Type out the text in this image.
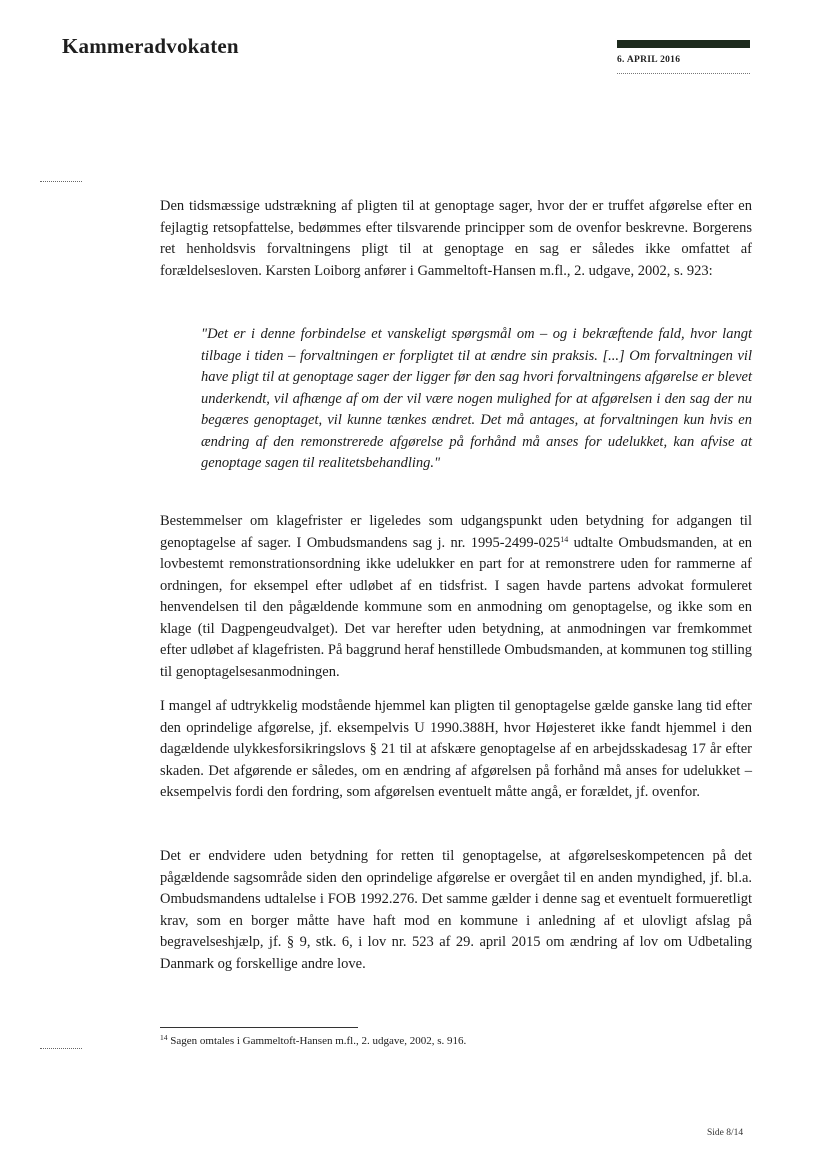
Kammeradvokaten
6. APRIL 2016

Den tidsmæssige udstrækning af pligten til at genoptage sager, hvor der er truffet afgørelse efter en fejlagtig retsopfattelse, bedømmes efter tilsvarende principper som de ovenfor beskrevne. Borgerens ret henholdsvis forvaltningens pligt til at genoptage en sag er således ikke omfattet af forældelsesloven. Karsten Loiborg anfører i Gammeltoft-Hansen m.fl., 2. udgave, 2002, s. 923:

"Det er i denne forbindelse et vanskeligt spørgsmål om – og i bekræftende fald, hvor langt tilbage i tiden – forvaltningen er forpligtet til at ændre sin praksis. [...] Om forvaltningen vil have pligt til at genoptage sager der ligger før den sag hvori forvaltningens afgørelse er blevet underkendt, vil afhænge af om der vil være nogen mulighed for at afgørelsen i den sag der nu begæres genoptaget, vil kunne tænkes ændret. Det må antages, at forvaltningen kun hvis en ændring af den remonstrerede afgørelse på forhånd må anses for udelukket, kan afvise at genoptage sagen til realitetsbehandling."

Bestemmelser om klagefrister er ligeledes som udgangspunkt uden betydning for adgangen til genoptagelse af sager. I Ombudsmandens sag j. nr. $1995-2499-025^{14}$ udtalte Ombudsmanden, at en lovbestemt remonstrationsordning ikke udelukker en part for at remonstrere uden for rammerne af ordningen, for eksempel efter udløbet af en tidsfrist. I sagen havde partens advokat formuleret henvendelsen til den pågældende kommune som en anmodning om genoptagelse, og ikke som en klage (til Dagpengeudvalget). Det var herefter uden betydning, at anmodningen var fremkommet efter udløbet af klagefristen. På baggrund heraf henstillede Ombudsmanden, at kommunen tog stilling til genoptagelsesanmodningen.

I mangel af udtrykkelig modstående hjemmel kan pligten til genoptagelse gælde ganske lang tid efter den oprindelige afgørelse, jf. eksempelvis U 1990.388H, hvor Højesteret ikke fandt hjemmel i den dagældende ulykkesforsikringslovs § 21 til at afskære genoptagelse af en arbejdsskadesag 17 år efter skaden. Det afgørende er således, om en ændring af afgørelsen på forhånd må anses for udelukket – eksempelvis fordi den fordring, som afgørelsen eventuelt måtte angå, er forældet, jf. ovenfor.

Det er endvidere uden betydning for retten til genoptagelse, at afgørelseskompetencen på det pågældende sagsområde siden den oprindelige afgørelse er overgået til en anden myndighed, jf. bl.a. Ombudsmandens udtalelse i FOB 1992.276. Det samme gælder i denne sag et eventuelt formueretligt krav, som en borger måtte have haft mod en kommune i anledning af et ulovligt afslag på begravelseshjælp, jf. § 9, stk. 6, i lov nr. 523 af 29. april 2015 om ændring af lov om Udbetaling Danmark og forskellige andre love.

$^{14}$ Sagen omtales i Gammeltoft-Hansen m.fl., 2. udgave, 2002, s. 916.

Side 8/14
